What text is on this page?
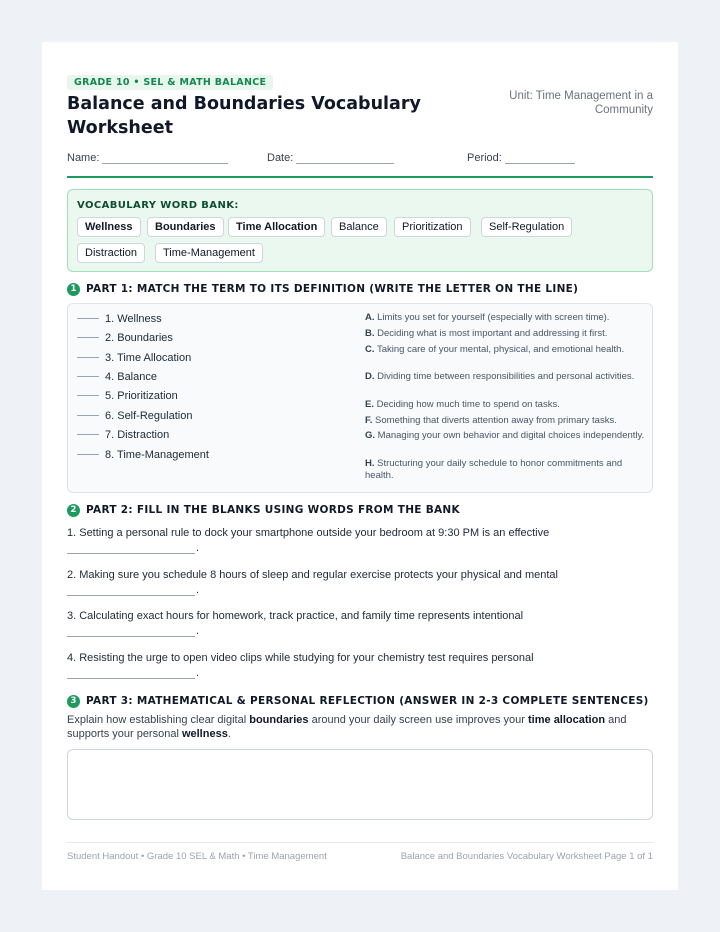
GRADE 10 • SEL & MATH BALANCE
Balance and Boundaries Vocabulary Worksheet
Unit: Time Management in a Community
Name:	Date:	Period:
VOCABULARY WORD BANK:
Wellness	Boundaries	Time Allocation	Balance	Prioritization	Self-Regulation
Distraction	Time-Management
1 PART 1: MATCH THE TERM TO ITS DEFINITION (WRITE THE LETTER ON THE LINE)
1. Wellness
2. Boundaries
3. Time Allocation
4. Balance
5. Prioritization
6. Self-Regulation
7. Distraction
8. Time-Management
A. Limits you set for yourself (especially with screen time).
B. Deciding what is most important and addressing it first.
C. Taking care of your mental, physical, and emotional health.
D. Dividing time between responsibilities and personal activities.
E. Deciding how much time to spend on tasks.
F. Something that diverts attention away from primary tasks.
G. Managing your own behavior and digital choices independently.
H. Structuring your daily schedule to honor commitments and health.
2 PART 2: FILL IN THE BLANKS USING WORDS FROM THE BANK
1. Setting a personal rule to dock your smartphone outside your bedroom at 9:30 PM is an effective
.
2. Making sure you schedule 8 hours of sleep and regular exercise protects your physical and mental
.
3. Calculating exact hours for homework, track practice, and family time represents intentional
.
4. Resisting the urge to open video clips while studying for your chemistry test requires personal
.
3 PART 3: MATHEMATICAL & PERSONAL REFLECTION (ANSWER IN 2-3 COMPLETE SENTENCES)
Explain how establishing clear digital boundaries around your daily screen use improves your time allocation and supports your personal wellness.
Student Handout • Grade 10 SEL & Math • Time Management	Balance and Boundaries Vocabulary Worksheet Page 1 of 1
